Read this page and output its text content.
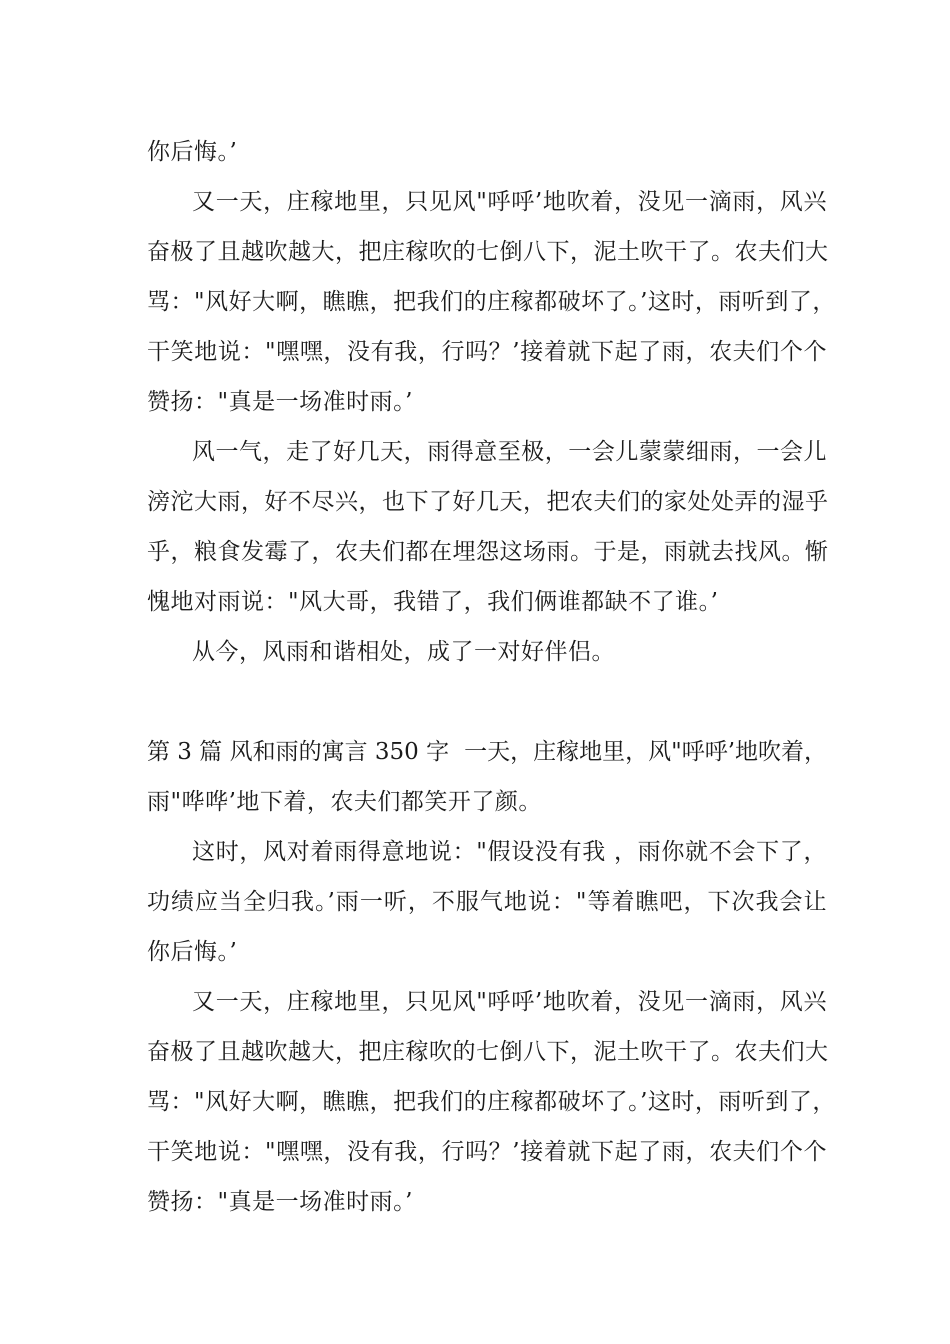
你后悔。’
又一天，庄稼地里，只见风"呼呼’地吹着，没见一滴雨，风兴
奋极了且越吹越大，把庄稼吹的七倒八下，泥土吹干了。农夫们大
骂："风好大啊，瞧瞧，把我们的庄稼都破坏了。’这时，雨听到了，
干笑地说："嘿嘿，没有我，行吗？’接着就下起了雨，农夫们个个
赞扬："真是一场准时雨。’
风一气，走了好几天，雨得意至极，一会儿蒙蒙细雨，一会儿
滂沱大雨，好不尽兴，也下了好几天，把农夫们的家处处弄的湿乎
乎，粮食发霉了，农夫们都在埋怨这场雨。于是，雨就去找风。惭
愧地对雨说："风大哥，我错了，我们俩谁都缺不了谁。’
从今，风雨和谐相处，成了一对好伴侣。
第 3 篇 风和雨的寓言 350 字 一天，庄稼地里，风"呼呼’地吹着，
雨"哗哗’地下着，农夫们都笑开了颜。
这时，风对着雨得意地说："假设没有我 ，雨你就不会下了，
功绩应当全归我。’雨一听，不服气地说："等着瞧吧，下次我会让
你后悔。’
又一天，庄稼地里，只见风"呼呼’地吹着，没见一滴雨，风兴
奋极了且越吹越大，把庄稼吹的七倒八下，泥土吹干了。农夫们大
骂："风好大啊，瞧瞧，把我们的庄稼都破坏了。’这时，雨听到了，
干笑地说："嘿嘿，没有我，行吗？’接着就下起了雨，农夫们个个
赞扬："真是一场准时雨。’
